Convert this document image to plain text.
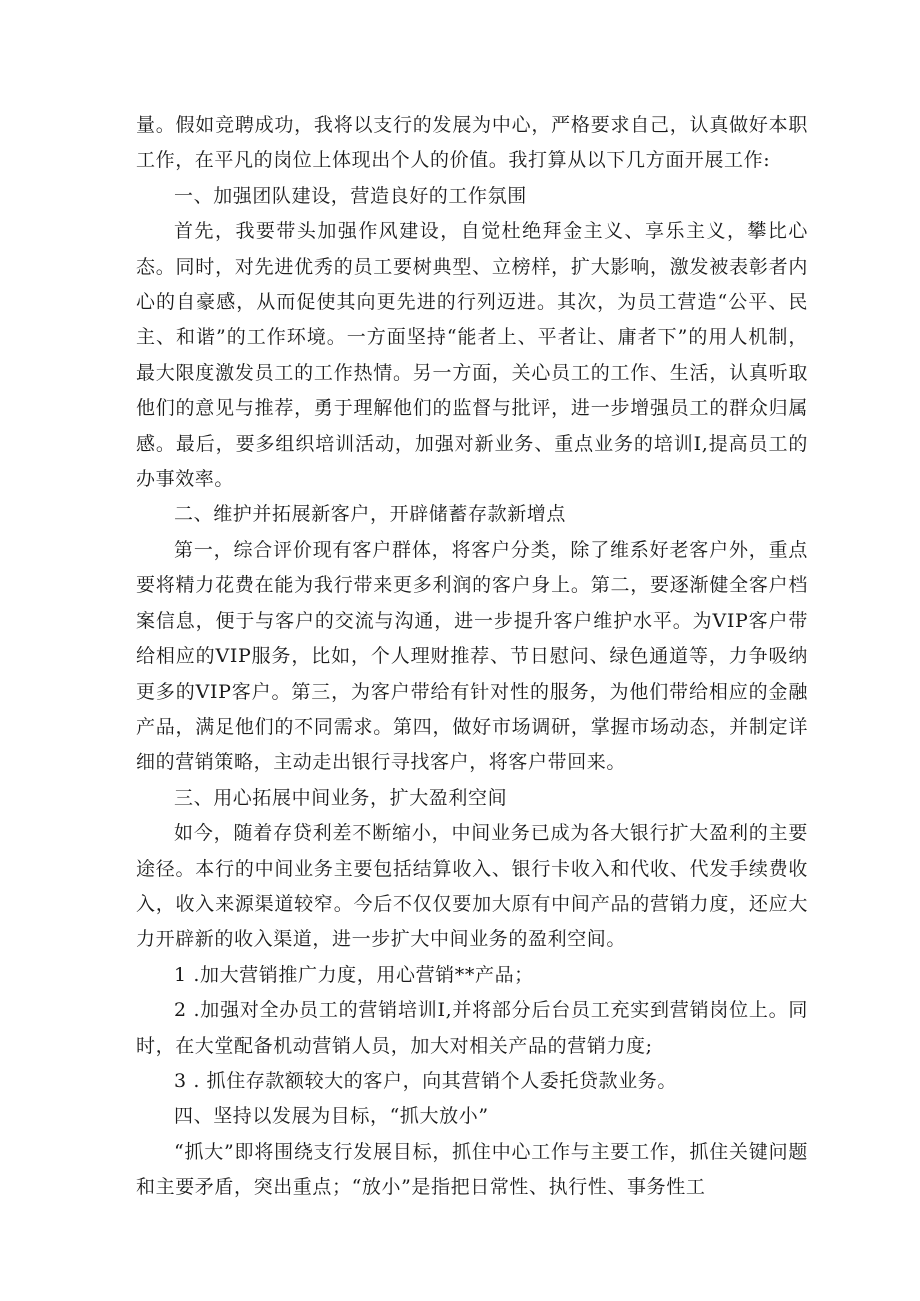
量。假如竞聘成功，我将以支行的发展为中心，严格要求自己，认真做好本职工作，在平凡的岗位上体现出个人的价值。我打算从以下几方面开展工作:

一、加强团队建设，营造良好的工作氛围

首先，我要带头加强作风建设，自觉杜绝拜金主义、享乐主义，攀比心态。同时，对先进优秀的员工要树典型、立榜样，扩大影响，激发被表彰者内心的自豪感，从而促使其向更先进的行列迈进。其次，为员工营造“公平、民主、和谐”的工作环境。一方面坚持“能者上、平者让、庸者下”的用人机制，最大限度激发员工的工作热情。另一方面，关心员工的工作、生活，认真听取他们的意见与推荐，勇于理解他们的监督与批评，进一步增强员工的群众归属感。最后，要多组织培训活动，加强对新业务、重点业务的培训I,提高员工的办事效率。

二、维护并拓展新客户，开辟储蓄存款新增点

第一，综合评价现有客户群体，将客户分类，除了维系好老客户外，重点要将精力花费在能为我行带来更多利润的客户身上。第二，要逐渐健全客户档案信息，便于与客户的交流与沟通，进一步提升客户维护水平。为VIP客户带给相应的VIP服务，比如，个人理财推荐、节日慰问、绿色通道等，力争吸纳更多的VIP客户。第三，为客户带给有针对性的服务，为他们带给相应的金融产品，满足他们的不同需求。第四，做好市场调研，掌握市场动态，并制定详细的营销策略，主动走出银行寻找客户，将客户带回来。

三、用心拓展中间业务，扩大盈利空间

如今，随着存贷利差不断缩小，中间业务已成为各大银行扩大盈利的主要途径。本行的中间业务主要包括结算收入、银行卡收入和代收、代发手续费收入，收入来源渠道较窄。今后不仅仅要加大原有中间产品的营销力度，还应大力开辟新的收入渠道，进一步扩大中间业务的盈利空间。

1 .加大营销推广力度，用心营销**产品；

2 .加强对全办员工的营销培训I,并将部分后台员工充实到营销岗位上。同时，在大堂配备机动营销人员，加大对相关产品的营销力度;

3 . 抓住存款额较大的客户，向其营销个人委托贷款业务。

四、坚持以发展为目标，“抓大放小”

“抓大”即将围绕支行发展目标，抓住中心工作与主要工作，抓住关键问题和主要矛盾，突出重点；“放小”是指把日常性、执行性、事务性工
